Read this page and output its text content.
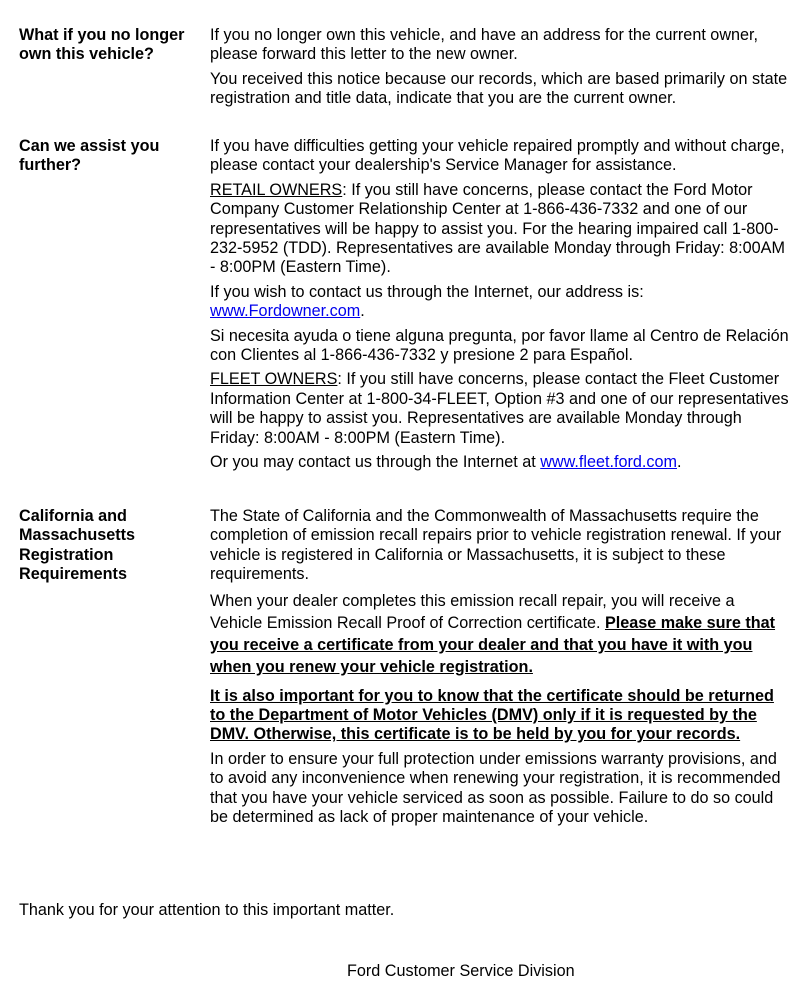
What if you no longer own this vehicle?

If you no longer own this vehicle, and have an address for the current owner, please forward this letter to the new owner.

You received this notice because our records, which are based primarily on state registration and title data, indicate that you are the current owner.

Can we assist you further?

If you have difficulties getting your vehicle repaired promptly and without charge, please contact your dealership's Service Manager for assistance.

RETAIL OWNERS: If you still have concerns, please contact the Ford Motor Company Customer Relationship Center at 1-866-436-7332 and one of our representatives will be happy to assist you. For the hearing impaired call 1-800-232-5952 (TDD). Representatives are available Monday through Friday: 8:00AM - 8:00PM (Eastern Time).

If you wish to contact us through the Internet, our address is: www.Fordowner.com.

Si necesita ayuda o tiene alguna pregunta, por favor llame al Centro de Relación con Clientes al 1-866-436-7332 y presione 2 para Español.

FLEET OWNERS: If you still have concerns, please contact the Fleet Customer Information Center at 1-800-34-FLEET, Option #3 and one of our representatives will be happy to assist you. Representatives are available Monday through Friday: 8:00AM - 8:00PM (Eastern Time).

Or you may contact us through the Internet at www.fleet.ford.com.

California and Massachusetts Registration Requirements

The State of California and the Commonwealth of Massachusetts require the completion of emission recall repairs prior to vehicle registration renewal. If your vehicle is registered in California or Massachusetts, it is subject to these requirements.

When your dealer completes this emission recall repair, you will receive a Vehicle Emission Recall Proof of Correction certificate. Please make sure that you receive a certificate from your dealer and that you have it with you when you renew your vehicle registration.

It is also important for you to know that the certificate should be returned to the Department of Motor Vehicles (DMV) only if it is requested by the DMV. Otherwise, this certificate is to be held by you for your records.

In order to ensure your full protection under emissions warranty provisions, and to avoid any inconvenience when renewing your registration, it is recommended that you have your vehicle serviced as soon as possible. Failure to do so could be determined as lack of proper maintenance of your vehicle.

Thank you for your attention to this important matter.
Ford Customer Service Division
